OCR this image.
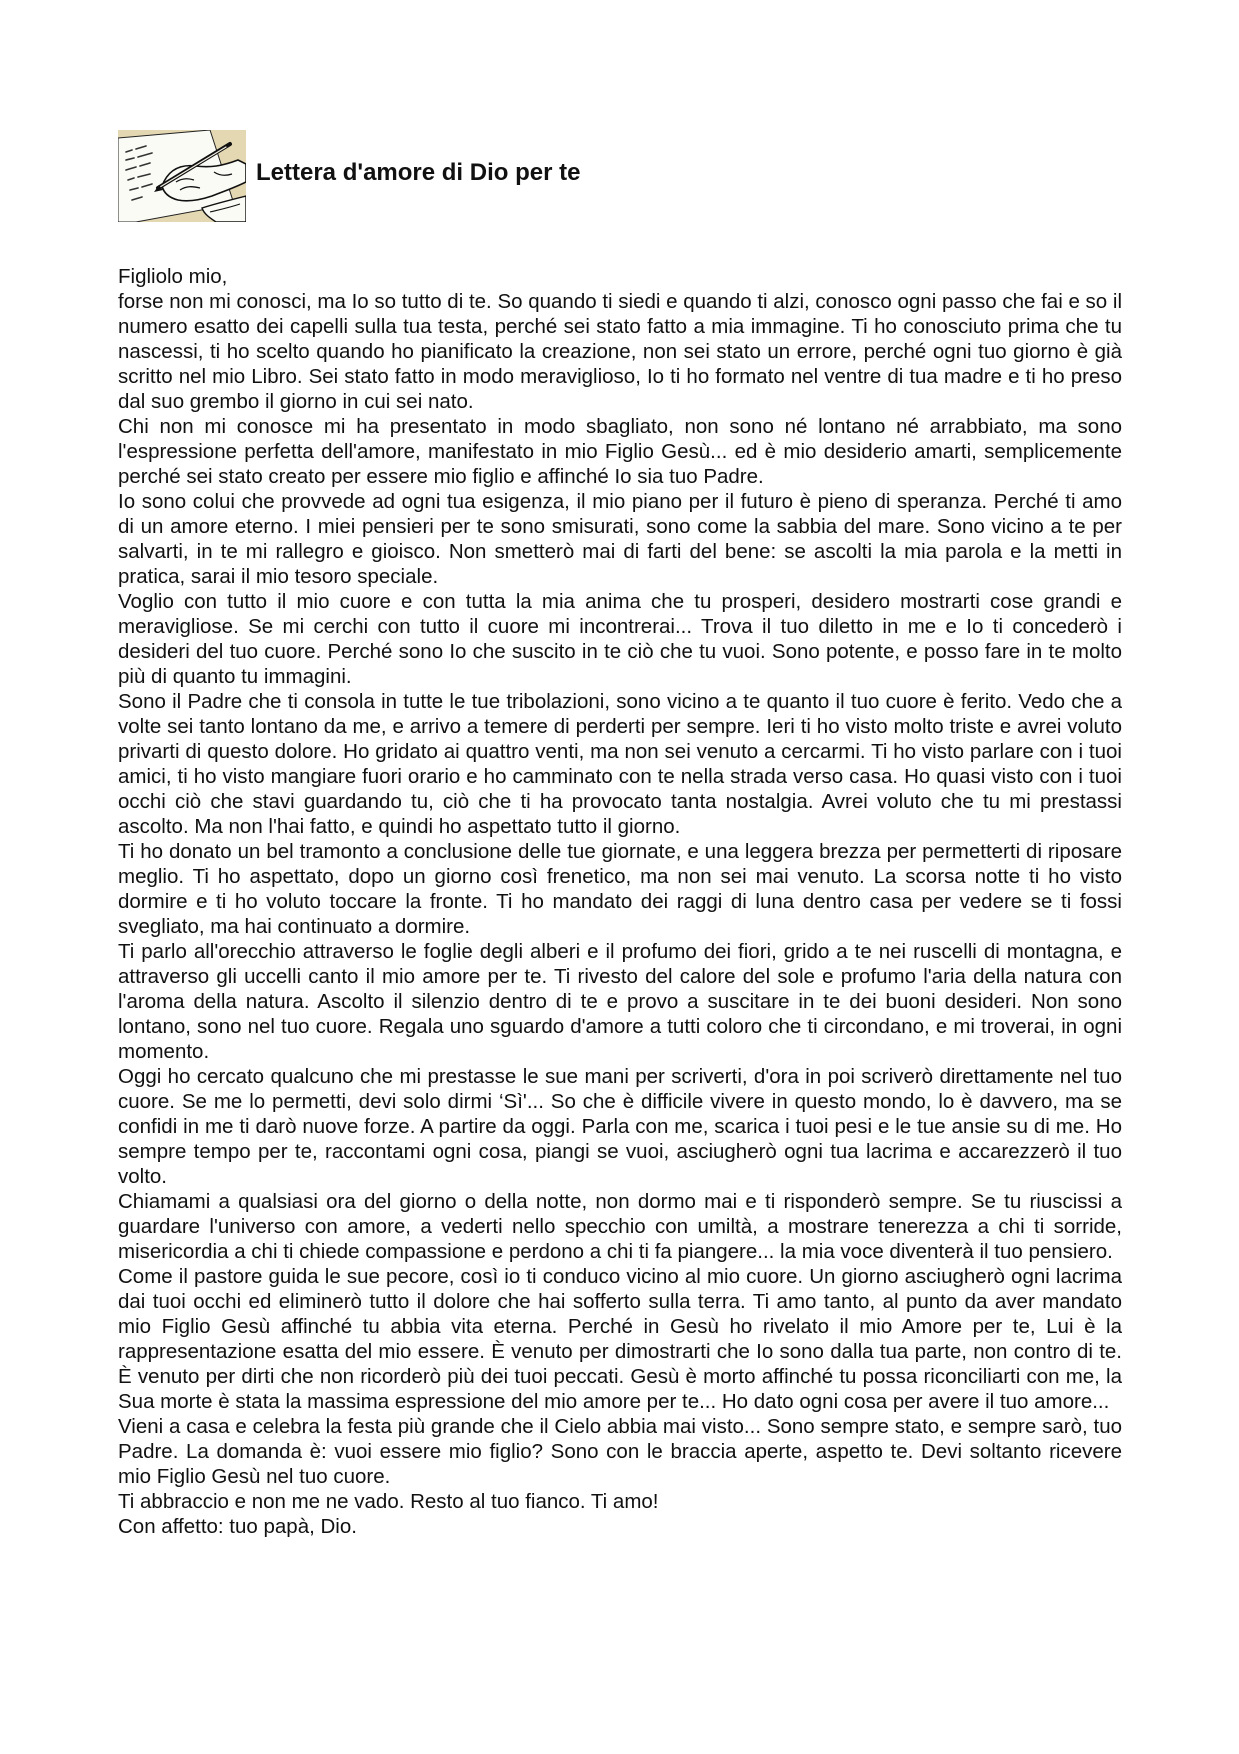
Lettera d'amore di Dio per te

Figliolo mio,

forse non mi conosci, ma Io so tutto di te. So quando ti siedi e quando ti alzi, conosco ogni passo che fai e so il numero esatto dei capelli sulla tua testa, perché sei stato fatto a mia immagine. Ti ho conosciuto prima che tu nascessi, ti ho scelto quando ho pianificato la creazione, non sei stato un errore, perché ogni tuo giorno è già scritto nel mio Libro. Sei stato fatto in modo meraviglioso, Io ti ho formato nel ventre di tua madre e ti ho preso dal suo grembo il giorno in cui sei nato.

Chi non mi conosce mi ha presentato in modo sbagliato, non sono né lontano né arrabbiato, ma sono l'espressione perfetta dell'amore, manifestato in mio Figlio Gesù... ed è mio desiderio amarti, semplicemente perché sei stato creato per essere mio figlio e affinché Io sia tuo Padre.

Io sono colui che provvede ad ogni tua esigenza, il mio piano per il futuro è pieno di speranza. Perché ti amo di un amore eterno. I miei pensieri per te sono smisurati, sono come la sabbia del mare. Sono vicino a te per salvarti, in te mi rallegro e gioisco. Non smetterò mai di farti del bene: se ascolti la mia parola e la metti in pratica, sarai il mio tesoro speciale.

Voglio con tutto il mio cuore e con tutta la mia anima che tu prosperi, desidero mostrarti cose grandi e meravigliose. Se mi cerchi con tutto il cuore mi incontrerai... Trova il tuo diletto in me e Io ti concederò i desideri del tuo cuore. Perché sono Io che suscito in te ciò che tu vuoi. Sono potente, e posso fare in te molto più di quanto tu immagini.

Sono il Padre che ti consola in tutte le tue tribolazioni, sono vicino a te quanto il tuo cuore è ferito. Vedo che a volte sei tanto lontano da me, e arrivo a temere di perderti per sempre. Ieri ti ho visto molto triste e avrei voluto privarti di questo dolore. Ho gridato ai quattro venti, ma non sei venuto a cercarmi. Ti ho visto parlare con i tuoi amici, ti ho visto mangiare fuori orario e ho camminato con te nella strada verso casa. Ho quasi visto con i tuoi occhi ciò che stavi guardando tu, ciò che ti ha provocato tanta nostalgia. Avrei voluto che tu mi prestassi ascolto. Ma non l'hai fatto, e quindi ho aspettato tutto il giorno.

Ti ho donato un bel tramonto a conclusione delle tue giornate, e una leggera brezza per permetterti di riposare meglio. Ti ho aspettato, dopo un giorno così frenetico, ma non sei mai venuto. La scorsa notte ti ho visto dormire e ti ho voluto toccare la fronte. Ti ho mandato dei raggi di luna dentro casa per vedere se ti fossi svegliato, ma hai continuato a dormire.

Ti parlo all'orecchio attraverso le foglie degli alberi e il profumo dei fiori, grido a te nei ruscelli di montagna, e attraverso gli uccelli canto il mio amore per te. Ti rivesto del calore del sole e profumo l'aria della natura con l'aroma della natura. Ascolto il silenzio dentro di te e provo a suscitare in te dei buoni desideri. Non sono lontano, sono nel tuo cuore. Regala uno sguardo d'amore a tutti coloro che ti circondano, e mi troverai, in ogni momento.

Oggi ho cercato qualcuno che mi prestasse le sue mani per scriverti, d'ora in poi scriverò direttamente nel tuo cuore. Se me lo permetti, devi solo dirmi ‘Sì'... So che è difficile vivere in questo mondo, lo è davvero, ma se confidi in me ti darò nuove forze. A partire da oggi. Parla con me, scarica i tuoi pesi e le tue ansie su di me. Ho sempre tempo per te, raccontami ogni cosa, piangi se vuoi, asciugherò ogni tua lacrima e accarezzerò il tuo volto.

Chiamami a qualsiasi ora del giorno o della notte, non dormo mai e ti risponderò sempre. Se tu riuscissi a guardare l'universo con amore, a vederti nello specchio con umiltà, a mostrare tenerezza a chi ti sorride, misericordia a chi ti chiede compassione e perdono a chi ti fa piangere... la mia voce diventerà il tuo pensiero.

Come il pastore guida le sue pecore, così io ti conduco vicino al mio cuore. Un giorno asciugherò ogni lacrima dai tuoi occhi ed eliminerò tutto il dolore che hai sofferto sulla terra. Ti amo tanto, al punto da aver mandato mio Figlio Gesù affinché tu abbia vita eterna. Perché in Gesù ho rivelato il mio Amore per te, Lui è la rappresentazione esatta del mio essere. È venuto per dimostrarti che Io sono dalla tua parte, non contro di te. È venuto per dirti che non ricorderò più dei tuoi peccati. Gesù è morto affinché tu possa riconciliarti con me, la Sua morte è stata la massima espressione del mio amore per te... Ho dato ogni cosa per avere il tuo amore...

Vieni a casa e celebra la festa più grande che il Cielo abbia mai visto... Sono sempre stato, e sempre sarò, tuo Padre. La domanda è: vuoi essere mio figlio? Sono con le braccia aperte, aspetto te. Devi soltanto ricevere mio Figlio Gesù nel tuo cuore.

Ti abbraccio e non me ne vado. Resto al tuo fianco. Ti amo!

Con affetto: tuo papà, Dio.
